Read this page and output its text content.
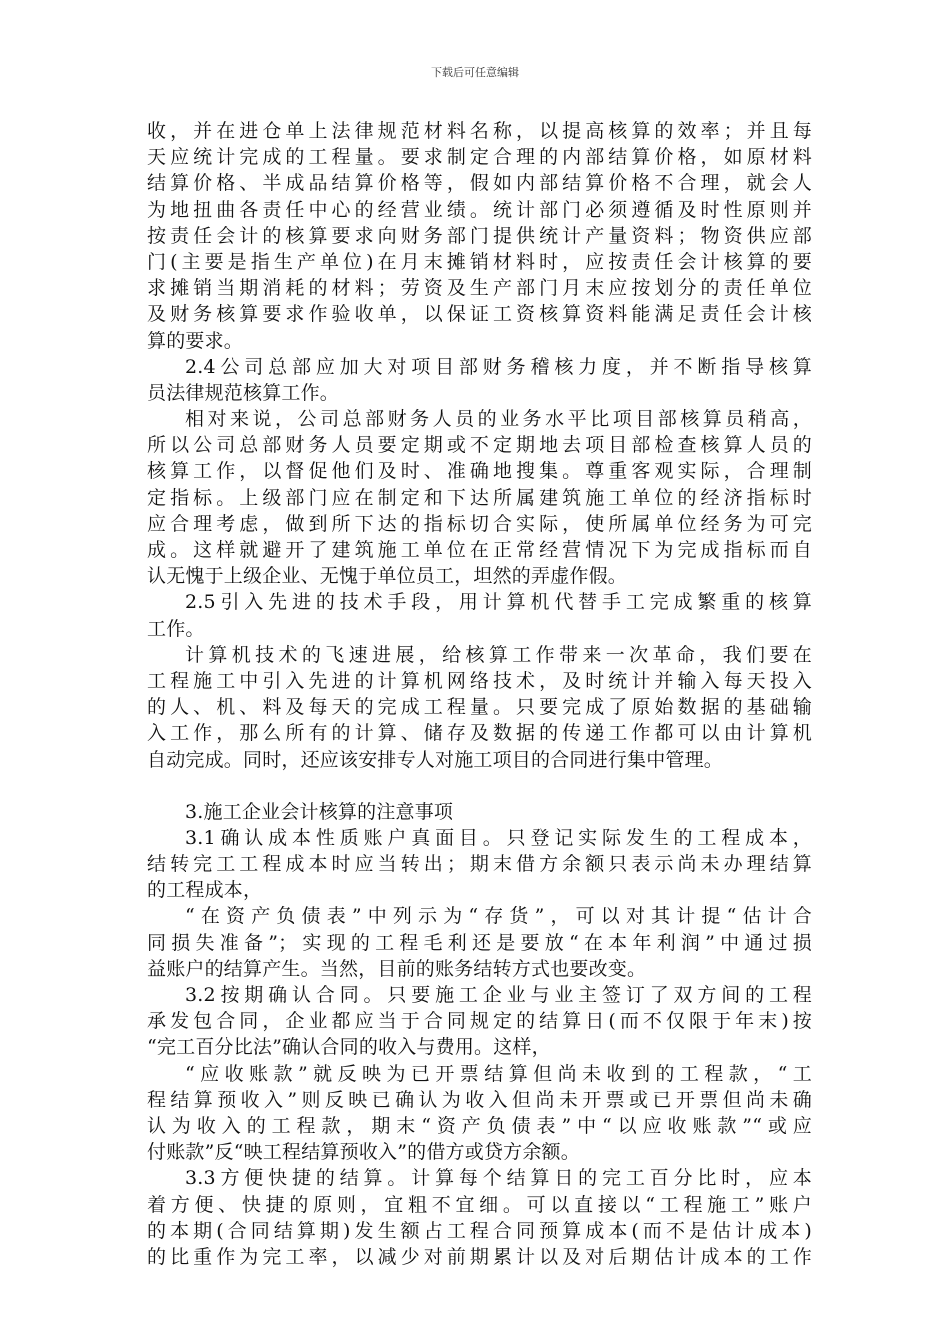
下载后可任意编辑
收，并在进仓单上法律规范材料名称，以提高核算的效率；并且每
天应统计完成的工程量。要求制定合理的内部结算价格，如原材料
结算价格、半成品结算价格等，假如内部结算价格不合理，就会人
为地扭曲各责任中心的经营业绩。统计部门必须遵循及时性原则并
按责任会计的核算要求向财务部门提供统计产量资料；物资供应部
门(主要是指生产单位)在月末摊销材料时，应按责任会计核算的要
求摊销当期消耗的材料；劳资及生产部门月末应按划分的责任单位
及财务核算要求作验收单，以保证工资核算资料能满足责任会计核
算的要求。
2.4公司总部应加大对项目部财务稽核力度，并不断指导核算
员法律规范核算工作。
相对来说，公司总部财务人员的业务水平比项目部核算员稍高，
所以公司总部财务人员要定期或不定期地去项目部检查核算人员的
核算工作，以督促他们及时、准确地搜集。尊重客观实际，合理制
定指标。上级部门应在制定和下达所属建筑施工单位的经济指标时
应合理考虑，做到所下达的指标切合实际，使所属单位经务为可完
成。这样就避开了建筑施工单位在正常经营情况下为完成指标而自
认无愧于上级企业、无愧于单位员工，坦然的弄虚作假。
2.5引入先进的技术手段，用计算机代替手工完成繁重的核算
工作。
计算机技术的飞速进展，给核算工作带来一次革命，我们要在
工程施工中引入先进的计算机网络技术，及时统计并输入每天投入
的人、机、料及每天的完成工程量。只要完成了原始数据的基础输
入工作，那么所有的计算、储存及数据的传递工作都可以由计算机
自动完成。同时，还应该安排专人对施工项目的合同进行集中管理。
3.施工企业会计核算的注意事项
3.1确认成本性质账户真面目。只登记实际发生的工程成本，
结转完工工程成本时应当转出；期末借方余额只表示尚未办理结算
的工程成本，
“在资产负债表”中列示为“存货”，可以对其计提“估计合
同损失准备”；实现的工程毛利还是要放“在本年利润”中通过损
益账户的结算产生。当然，目前的账务结转方式也要改变。
3.2按期确认合同。只要施工企业与业主签订了双方间的工程
承发包合同，企业都应当于合同规定的结算日(而不仅限于年末)按
“完工百分比法”确认合同的收入与费用。这样，
“应收账款”就反映为已开票结算但尚未收到的工程款，“工
程结算预收入”则反映已确认为收入但尚未开票或已开票但尚未确
认为收入的工程款，期末“资产负债表”中“以应收账款”“或应
付账款”反“映工程结算预收入”的借方或贷方余额。
3.3方便快捷的结算。计算每个结算日的完工百分比时，应本
着方便、快捷的原则，宜粗不宜细。可以直接以“工程施工”账户
的本期(合同结算期)发生额占工程合同预算成本(而不是估计成本)
的比重作为完工率，以减少对前期累计以及对后期估计成本的工作
